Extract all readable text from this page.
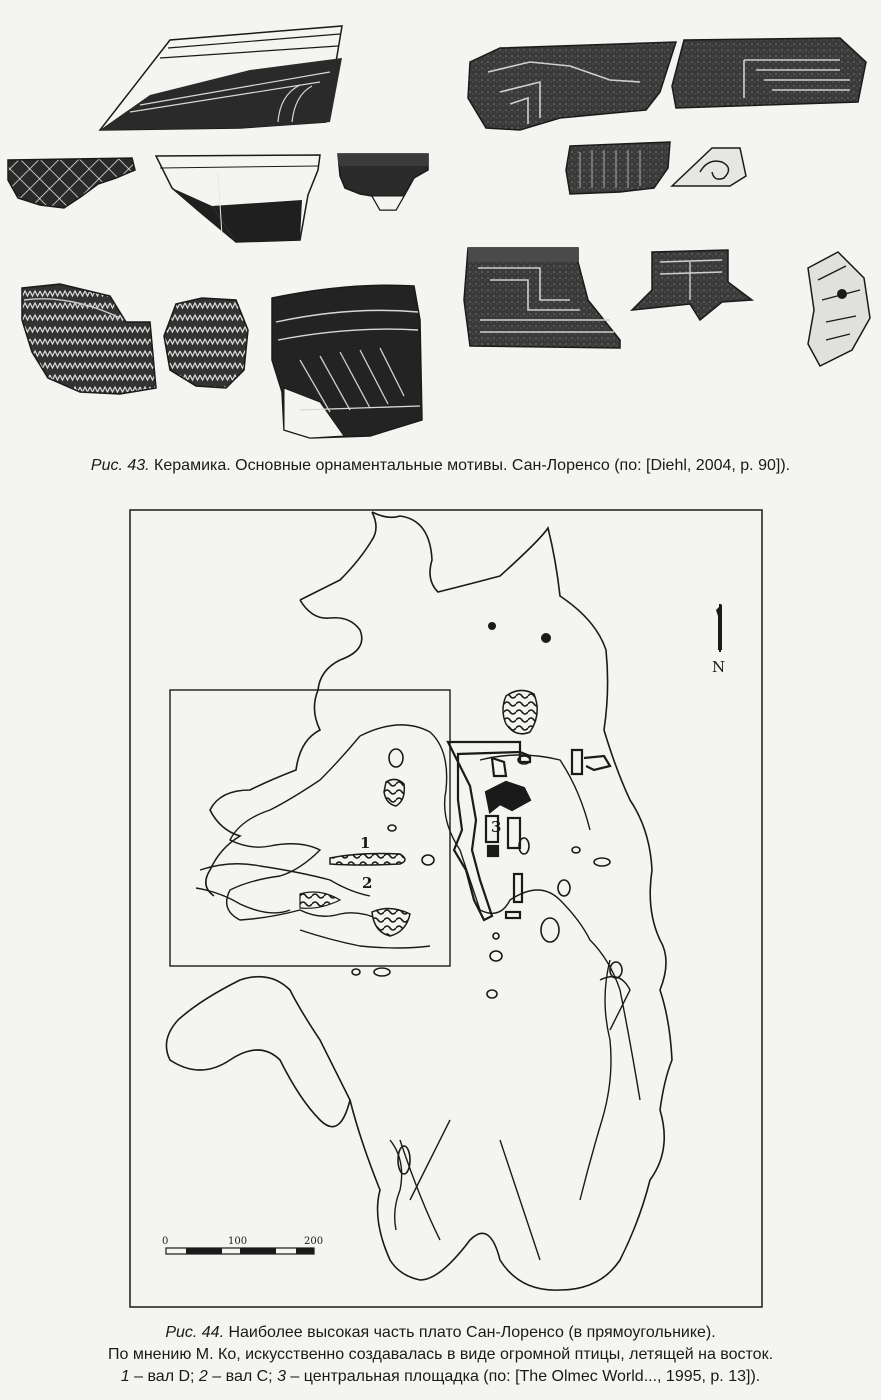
Рис. 43. Керамика. Основные орнаментальные мотивы. Сан-Лоренсо (по: [Diehl, 2004, p. 90]).
1
2
3
N
0	100	200
Рис. 44. Наиболее высокая часть плато Сан-Лоренсо (в прямоугольнике).
По мнению М. Ко, искусственно создавалась в виде огромной птицы, летящей на восток.
1 – вал D; 2 – вал C; 3 – центральная площадка (по: [The Olmec World..., 1995, p. 13]).
